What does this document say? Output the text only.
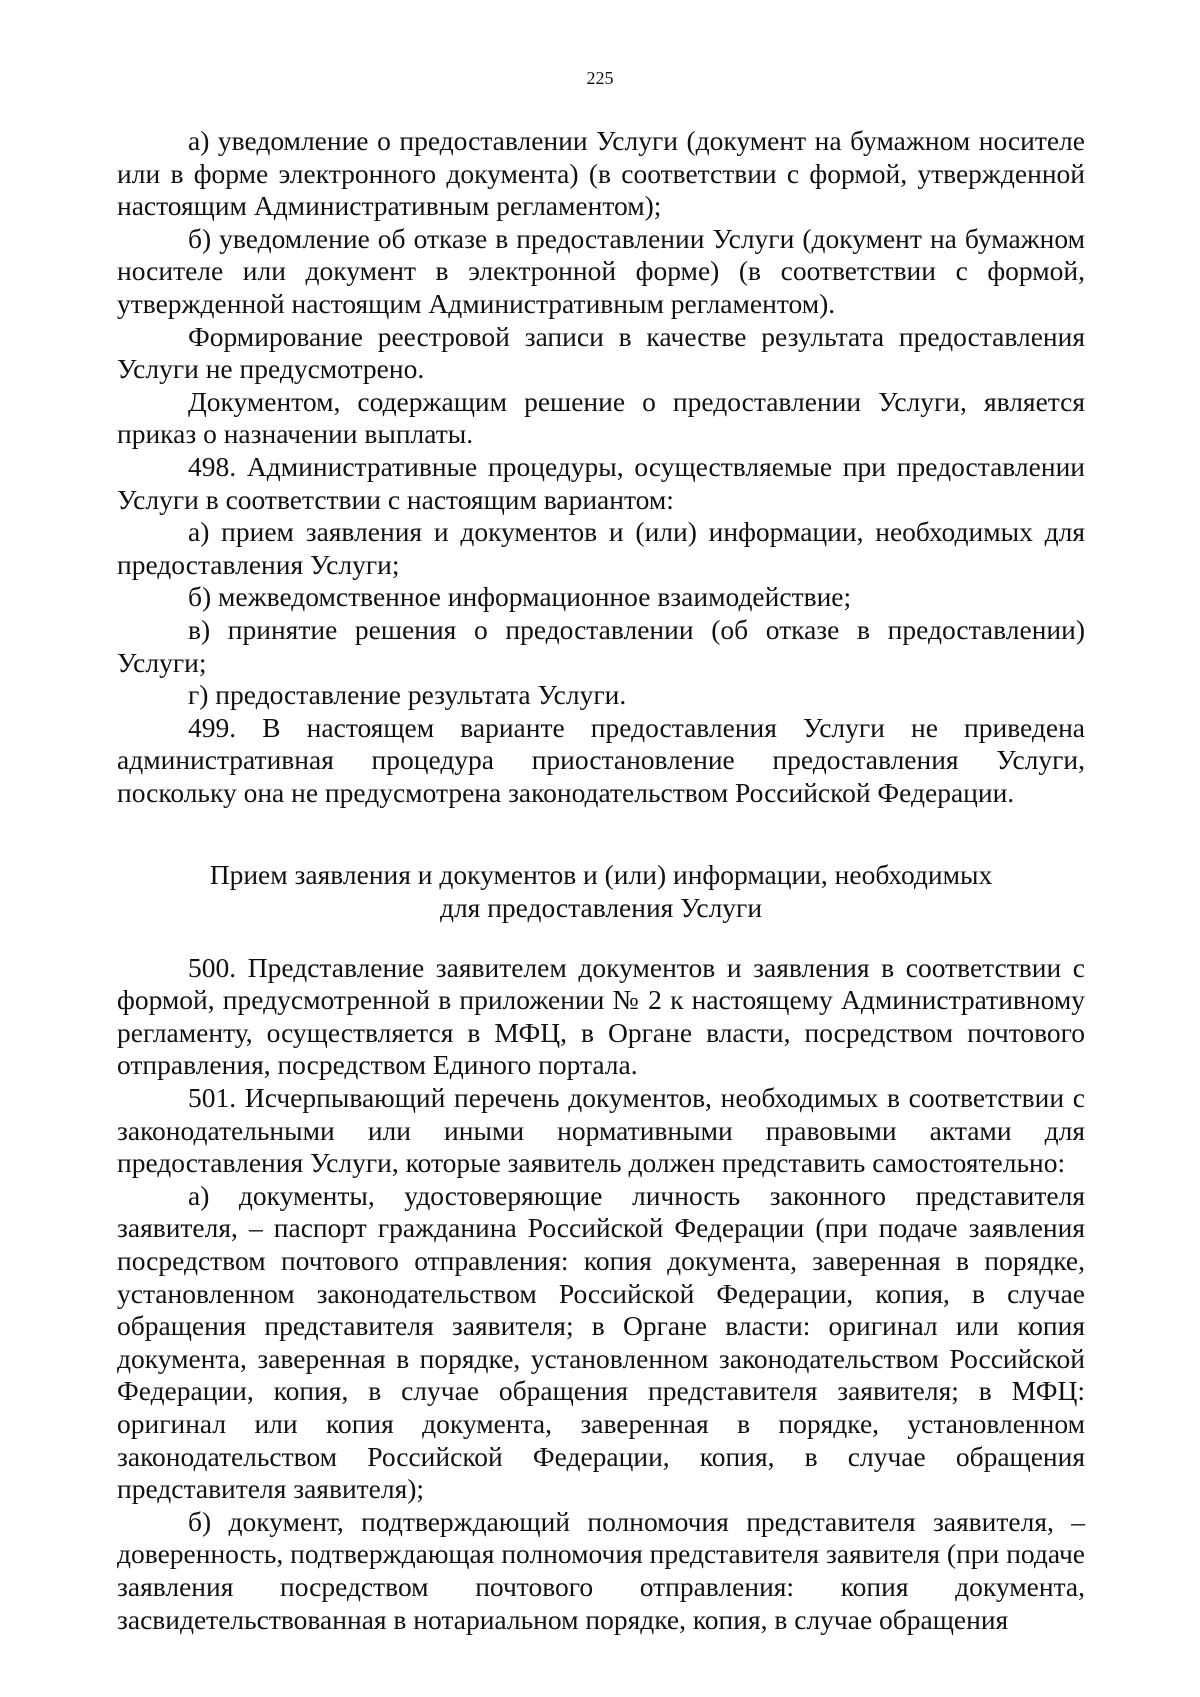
225

а) уведомление о предоставлении Услуги (документ на бумажном носителе или в форме электронного документа) (в соответствии с формой, утвержденной настоящим Административным регламентом);

б) уведомление об отказе в предоставлении Услуги (документ на бумажном носителе или документ в электронной форме) (в соответствии с формой, утвержденной настоящим Административным регламентом).

Формирование реестровой записи в качестве результата предоставления Услуги не предусмотрено.

Документом, содержащим решение о предоставлении Услуги, является приказ о назначении выплаты.

498. Административные процедуры, осуществляемые при предоставлении Услуги в соответствии с настоящим вариантом:

а) прием заявления и документов и (или) информации, необходимых для предоставления Услуги;

б) межведомственное информационное взаимодействие;

в) принятие решения о предоставлении (об отказе в предоставлении) Услуги;

г) предоставление результата Услуги.

499. В настоящем варианте предоставления Услуги не приведена административная процедура приостановление предоставления Услуги, поскольку она не предусмотрена законодательством Российской Федерации.

Прием заявления и документов и (или) информации, необходимых для предоставления Услуги

500. Представление заявителем документов и заявления в соответствии с формой, предусмотренной в приложении № 2 к настоящему Административному регламенту, осуществляется в МФЦ, в Органе власти, посредством почтового отправления, посредством Единого портала.

501. Исчерпывающий перечень документов, необходимых в соответствии с законодательными или иными нормативными правовыми актами для предоставления Услуги, которые заявитель должен представить самостоятельно:

а) документы, удостоверяющие личность законного представителя заявителя, – паспорт гражданина Российской Федерации (при подаче заявления посредством почтового отправления: копия документа, заверенная в порядке, установленном законодательством Российской Федерации, копия, в случае обращения представителя заявителя; в Органе власти: оригинал или копия документа, заверенная в порядке, установленном законодательством Российской Федерации, копия, в случае обращения представителя заявителя; в МФЦ: оригинал или копия документа, заверенная в порядке, установленном законодательством Российской Федерации, копия, в случае обращения представителя заявителя);

б) документ, подтверждающий полномочия представителя заявителя, – доверенность, подтверждающая полномочия представителя заявителя (при подаче заявления посредством почтового отправления: копия документа, засвидетельствованная в нотариальном порядке, копия, в случае обращения
